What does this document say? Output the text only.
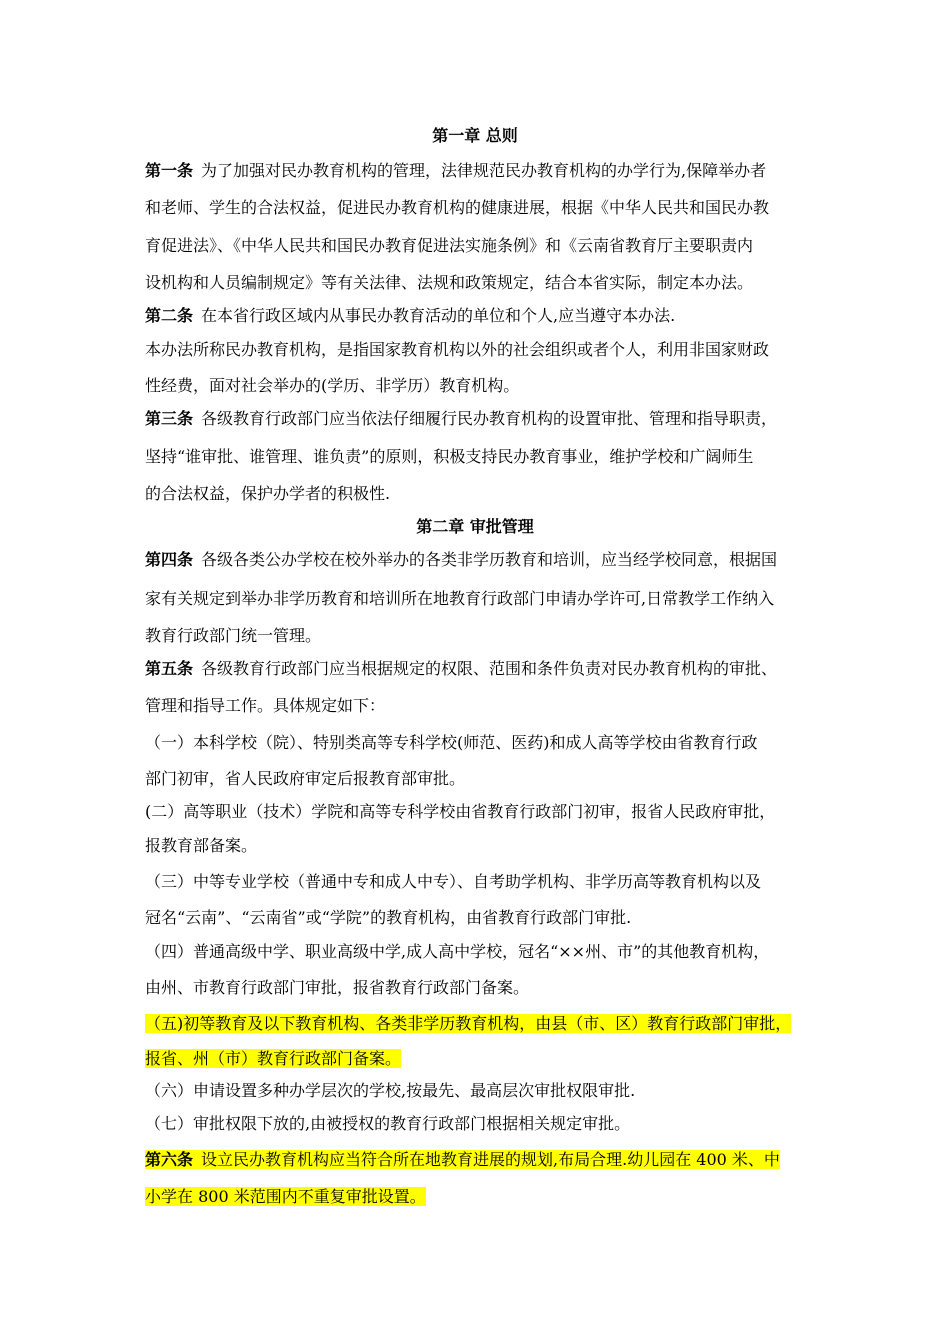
第一章 总则
第一条 为了加强对民办教育机构的管理，法律规范民办教育机构的办学行为,保障举办者
和老师、学生的合法权益，促进民办教育机构的健康进展，根据《中华人民共和国民办教
育促进法》、《中华人民共和国民办教育促进法实施条例》和《云南省教育厅主要职责内
设机构和人员编制规定》等有关法律、法规和政策规定，结合本省实际，制定本办法。
第二条 在本省行政区域内从事民办教育活动的单位和个人,应当遵守本办法.
本办法所称民办教育机构，是指国家教育机构以外的社会组织或者个人，利用非国家财政
性经费，面对社会举办的(学历、非学历）教育机构。
第三条 各级教育行政部门应当依法仔细履行民办教育机构的设置审批、管理和指导职责，
坚持“谁审批、谁管理、谁负责”的原则，积极支持民办教育事业，维护学校和广阔师生
的合法权益，保护办学者的积极性.
第二章 审批管理
第四条 各级各类公办学校在校外举办的各类非学历教育和培训，应当经学校同意，根据国
家有关规定到举办非学历教育和培训所在地教育行政部门申请办学许可,日常教学工作纳入
教育行政部门统一管理。
第五条 各级教育行政部门应当根据规定的权限、范围和条件负责对民办教育机构的审批、
管理和指导工作。具体规定如下：
（一）本科学校（院）、特别类高等专科学校(师范、医药)和成人高等学校由省教育行政
部门初审，省人民政府审定后报教育部审批。
(二）高等职业（技术）学院和高等专科学校由省教育行政部门初审，报省人民政府审批，
报教育部备案。
（三）中等专业学校（普通中专和成人中专）、自考助学机构、非学历高等教育机构以及
冠名“云南”、“云南省”或“学院”的教育机构，由省教育行政部门审批.
（四）普通高级中学、职业高级中学,成人高中学校，冠名“××州、市”的其他教育机构，
由州、市教育行政部门审批，报省教育行政部门备案。
（五)初等教育及以下教育机构、各类非学历教育机构，由县（市、区）教育行政部门审批，
报省、州（市）教育行政部门备案。
（六）申请设置多种办学层次的学校,按最先、最高层次审批权限审批.
（七）审批权限下放的,由被授权的教育行政部门根据相关规定审批。
第六条 设立民办教育机构应当符合所在地教育进展的规划,布局合理.幼儿园在 400 米、中
小学在 800 米范围内不重复审批设置。
